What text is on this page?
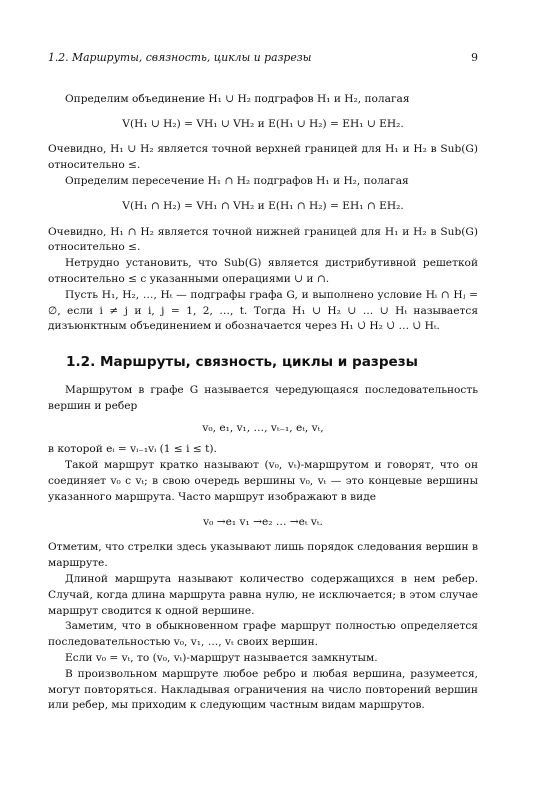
1.2. Маршруты, связность, циклы и разрезы	9

Определим объединение H₁ ∪ H₂ подграфов H₁ и H₂, полагая

V(H₁ ∪ H₂) = VH₁ ∪ VH₂ и E(H₁ ∪ H₂) = EH₁ ∪ EH₂.

Очевидно, H₁ ∪ H₂ является точной верхней границей для H₁ и H₂ в Sub(G) относительно ≤.

Определим пересечение H₁ ∩ H₂ подграфов H₁ и H₂, полагая

V(H₁ ∩ H₂) = VH₁ ∩ VH₂ и E(H₁ ∩ H₂) = EH₁ ∩ EH₂.

Очевидно, H₁ ∩ H₂ является точной нижней границей для H₁ и H₂ в Sub(G) относительно ≤.

Нетрудно установить, что Sub(G) является дистрибутивной решеткой относительно ≤ с указанными операциями ∪ и ∩.

Пусть H₁, H₂, …, Hₜ — подграфы графа G, и выполнено условие Hᵢ ∩ Hⱼ = ∅, если i ≠ j и i, j = 1, 2, …, t. Тогда H₁ ∪ H₂ ∪ … ∪ Hₜ называется дизъюнктным объединением и обозначается через H₁ ∪̇ H₂ ∪̇ … ∪̇ Hₜ.

1.2. Маршруты, связность, циклы и разрезы

Маршрутом в графе G называется чередующаяся последовательность вершин и ребер

v₀, e₁, v₁, …, vₜ₋₁, eₜ, vₜ,

в которой eᵢ = vᵢ₋₁vᵢ (1 ≤ i ≤ t).

Такой маршрут кратко называют (v₀, vₜ)-маршрутом и говорят, что он соединяет v₀ с vₜ; в свою очередь вершины v₀, vₜ — это концевые вершины указанного маршрута. Часто маршрут изображают в виде

v₀ →e₁ v₁ →e₂ … →eₜ vₜ.

Отметим, что стрелки здесь указывают лишь порядок следования вершин в маршруте.

Длиной маршрута называют количество содержащихся в нем ребер. Случай, когда длина маршрута равна нулю, не исключается; в этом случае маршрут сводится к одной вершине.

Заметим, что в обыкновенном графе маршрут полностью определяется последовательностью v₀, v₁, …, vₜ своих вершин.

Если v₀ = vₜ, то (v₀, vₜ)-маршрут называется замкнутым.

В произвольном маршруте любое ребро и любая вершина, разумеется, могут повторяться. Накладывая ограничения на число повторений вершин или ребер, мы приходим к следующим частным видам маршрутов.
